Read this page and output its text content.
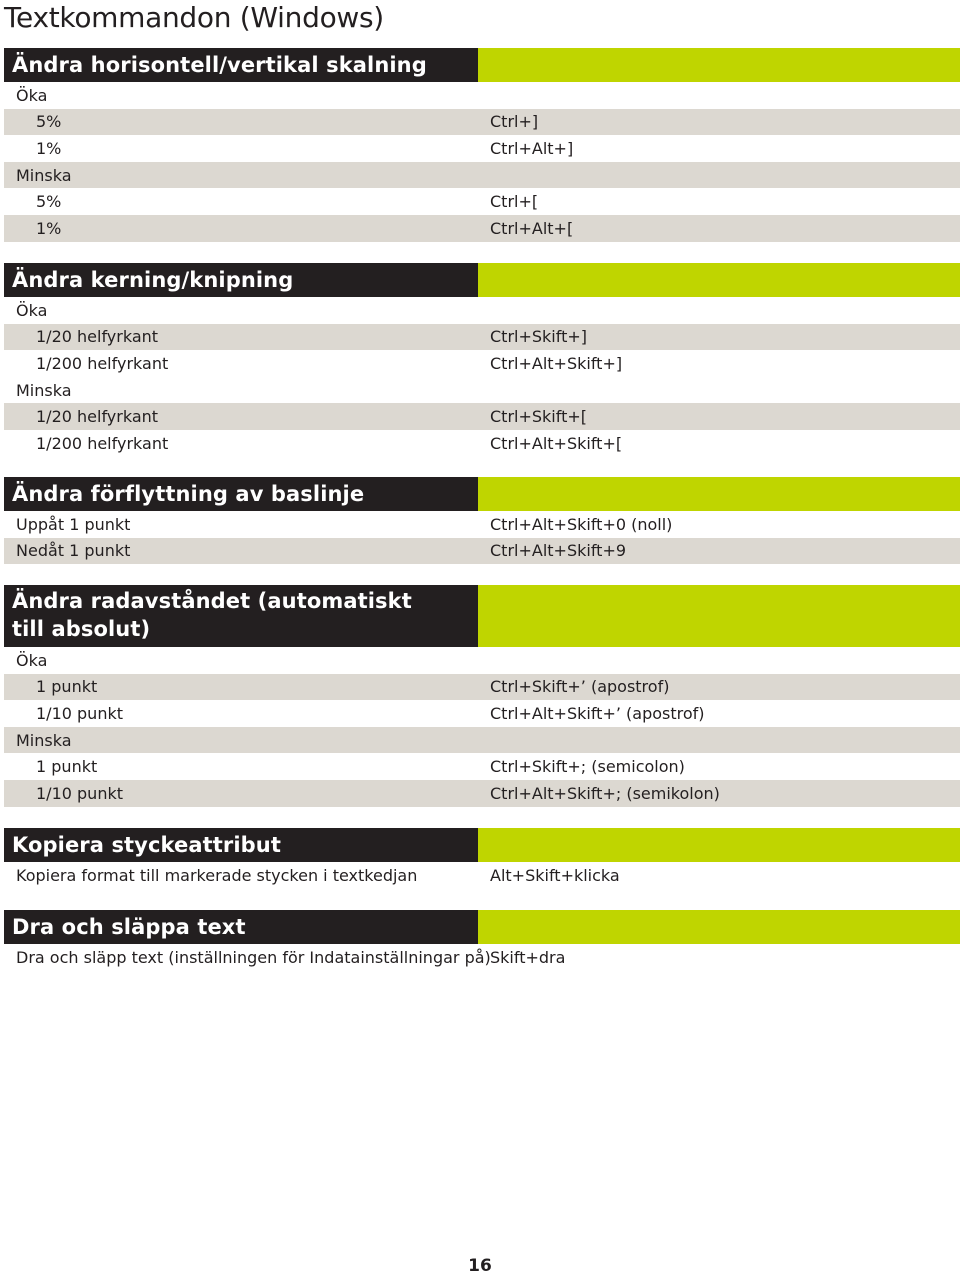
Textkommandon (Windows)
Ändra horisontell/vertikal skalning
Öka
5%	Ctrl+]
1%	Ctrl+Alt+]
Minska
5%	Ctrl+[
1%	Ctrl+Alt+[
Ändra kerning/knipning
Öka
1/20 helfyrkant	Ctrl+Skift+]
1/200 helfyrkant	Ctrl+Alt+Skift+]
Minska
1/20 helfyrkant	Ctrl+Skift+[
1/200 helfyrkant	Ctrl+Alt+Skift+[
Ändra förflyttning av baslinje
Uppåt 1 punkt	Ctrl+Alt+Skift+0 (noll)
Nedåt 1 punkt	Ctrl+Alt+Skift+9
Ändra radavståndet (automatiskt
till absolut)
Öka
1 punkt	Ctrl+Skift+’ (apostrof)
1/10 punkt	Ctrl+Alt+Skift+’ (apostrof)
Minska
1 punkt	Ctrl+Skift+; (semicolon)
1/10 punkt	Ctrl+Alt+Skift+; (semikolon)
Kopiera styckeattribut
Kopiera format till markerade stycken i textkedjan	Alt+Skift+klicka
Dra och släppa text
Dra och släpp text (inställningen för Indatainställningar på) Skift+dra
16
